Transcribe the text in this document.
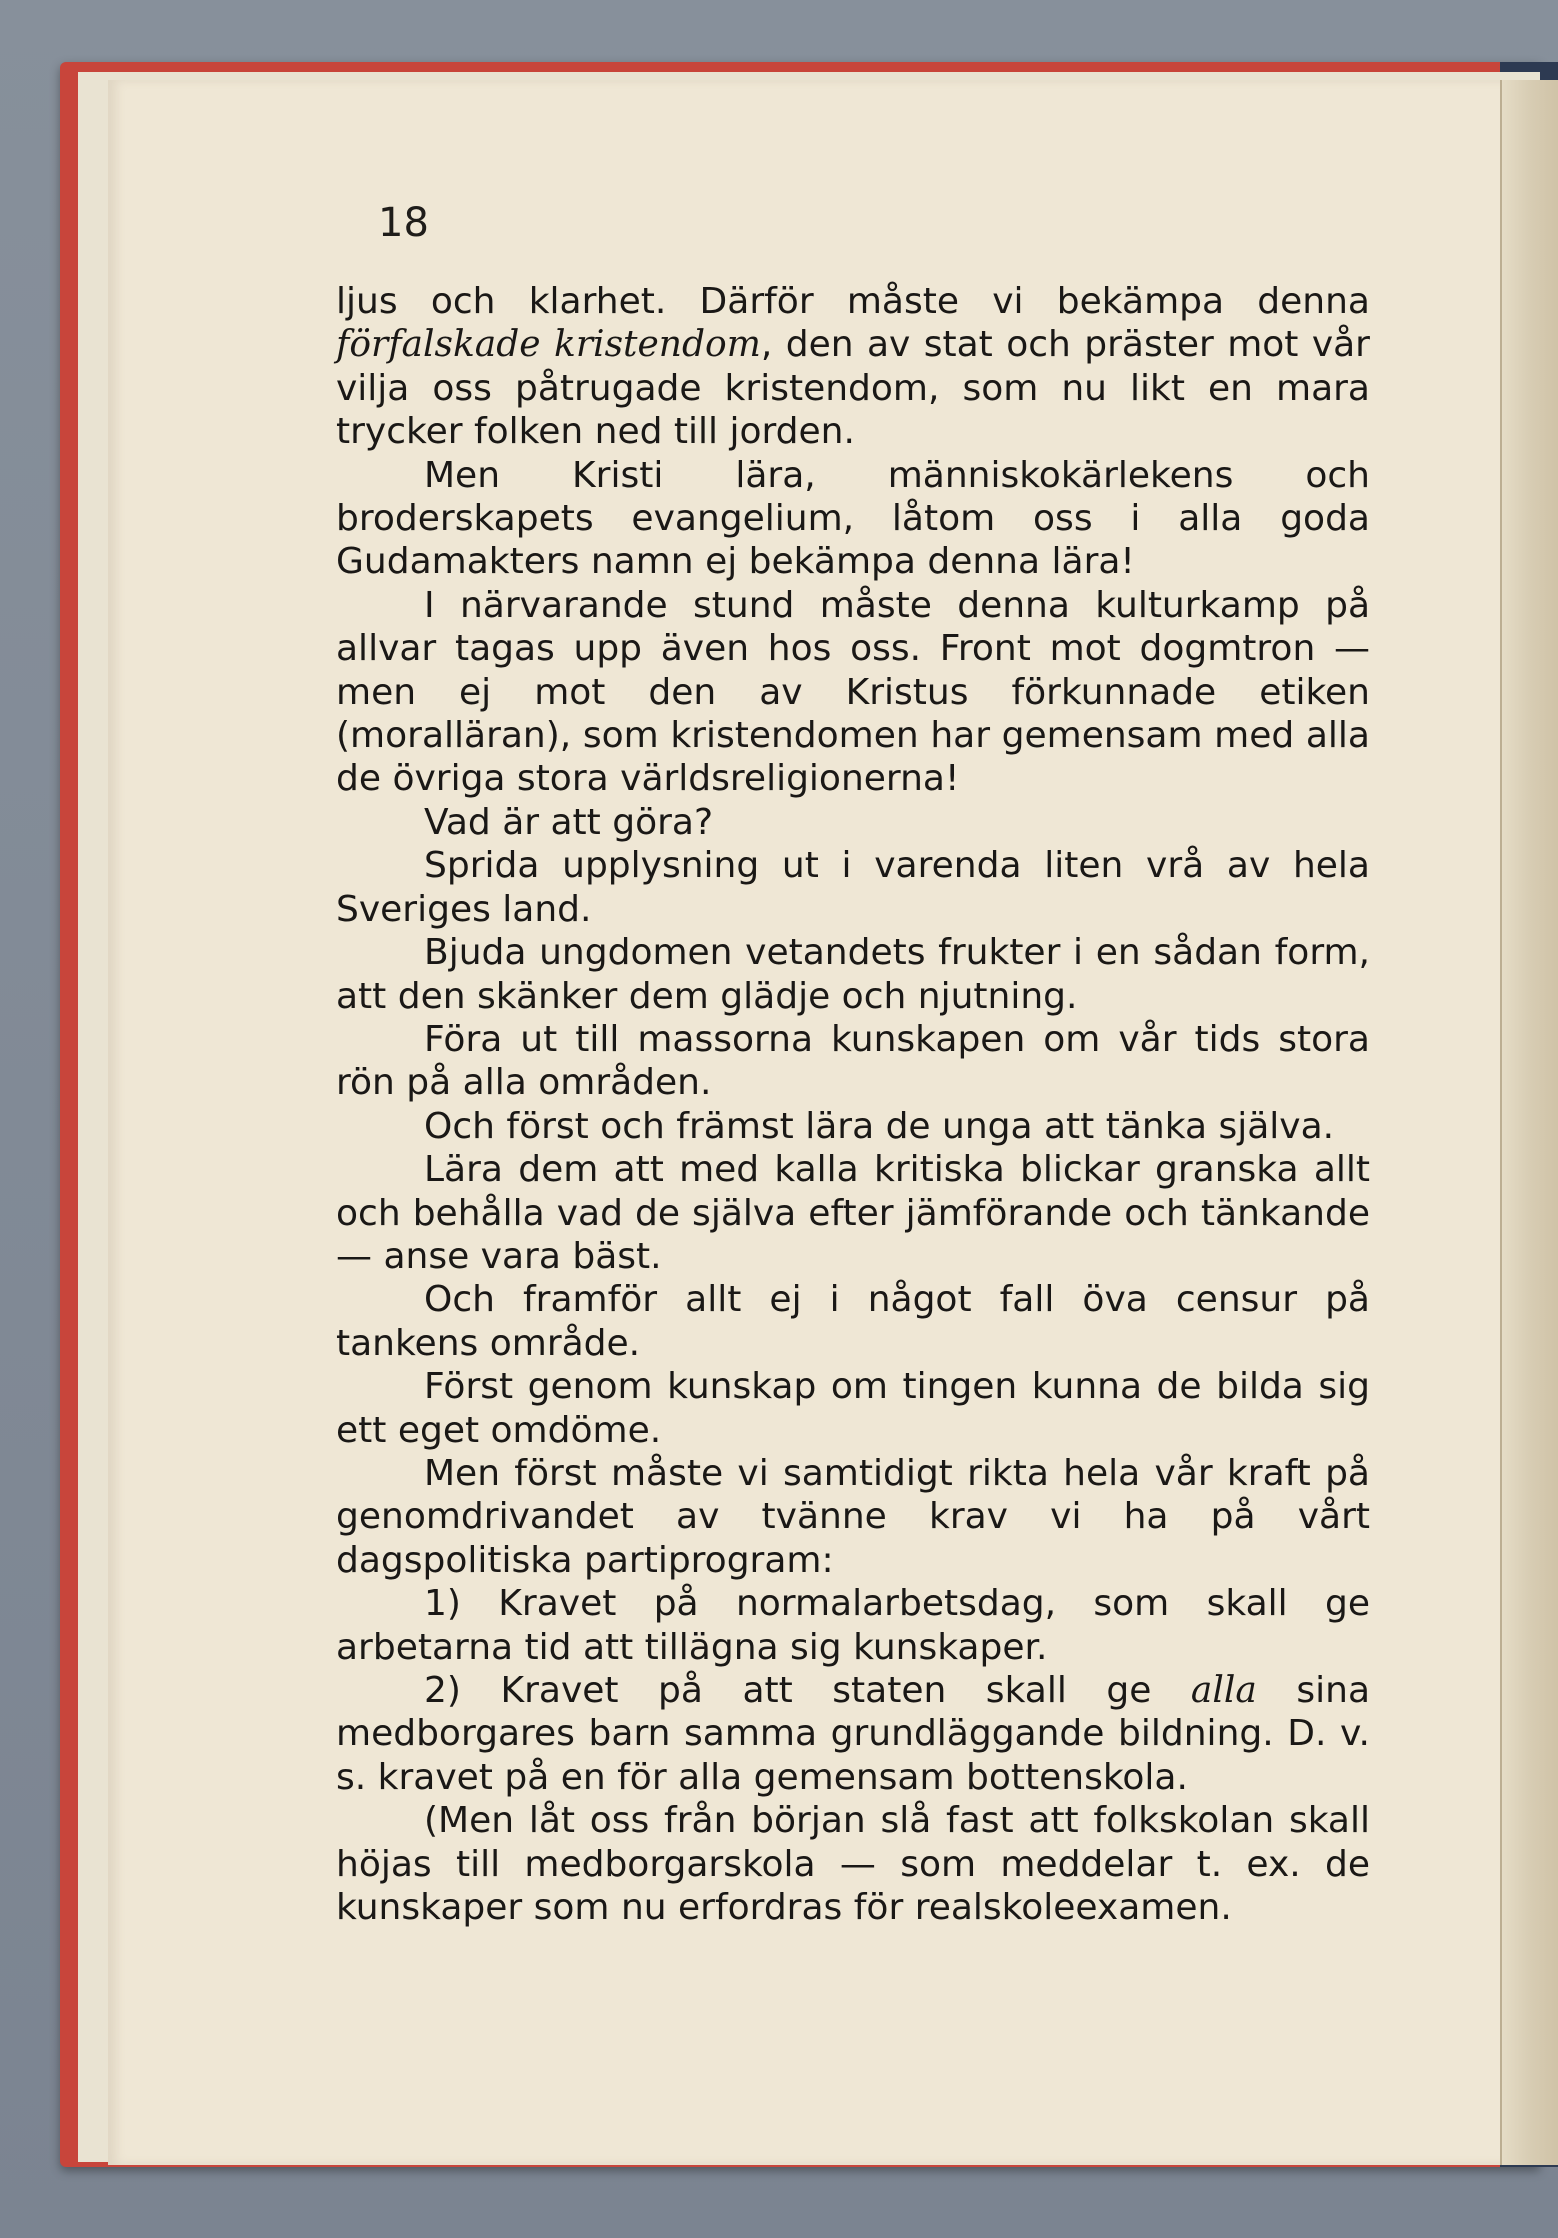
18

ljus och klarhet. Därför måste vi bekämpa denna förfalskade kristendom, den av stat och präster mot vår vilja oss påtrugade kristendom, som nu likt en mara trycker folken ned till jorden.

Men Kristi lära, människokärlekens och broderskapets evangelium, låtom oss i alla goda Gudamakters namn ej bekämpa denna lära!

I närvarande stund måste denna kulturkamp på allvar tagas upp även hos oss. Front mot dogmtron — men ej mot den av Kristus förkunnade etiken (moralläran), som kristendomen har gemensam med alla de övriga stora världsreligionerna!

Vad är att göra?

Sprida upplysning ut i varenda liten vrå av hela Sveriges land.

Bjuda ungdomen vetandets frukter i en sådan form, att den skänker dem glädje och njutning.

Föra ut till massorna kunskapen om vår tids stora rön på alla områden.

Och först och främst lära de unga att tänka själva.

Lära dem att med kalla kritiska blickar granska allt och behålla vad de själva efter jämförande och tänkande — anse vara bäst.

Och framför allt ej i något fall öva censur på tankens område.

Först genom kunskap om tingen kunna de bilda sig ett eget omdöme.

Men först måste vi samtidigt rikta hela vår kraft på genomdrivandet av tvänne krav vi ha på vårt dagspolitiska partiprogram:

1) Kravet på normalarbetsdag, som skall ge arbetarna tid att tillägna sig kunskaper.

2) Kravet på att staten skall ge alla sina medborgares barn samma grundläggande bildning. D. v. s. kravet på en för alla gemensam bottenskola.

(Men låt oss från början slå fast att folkskolan skall höjas till medborgarskola — som meddelar t. ex. de kunskaper som nu erfordras för realskoleexamen.
